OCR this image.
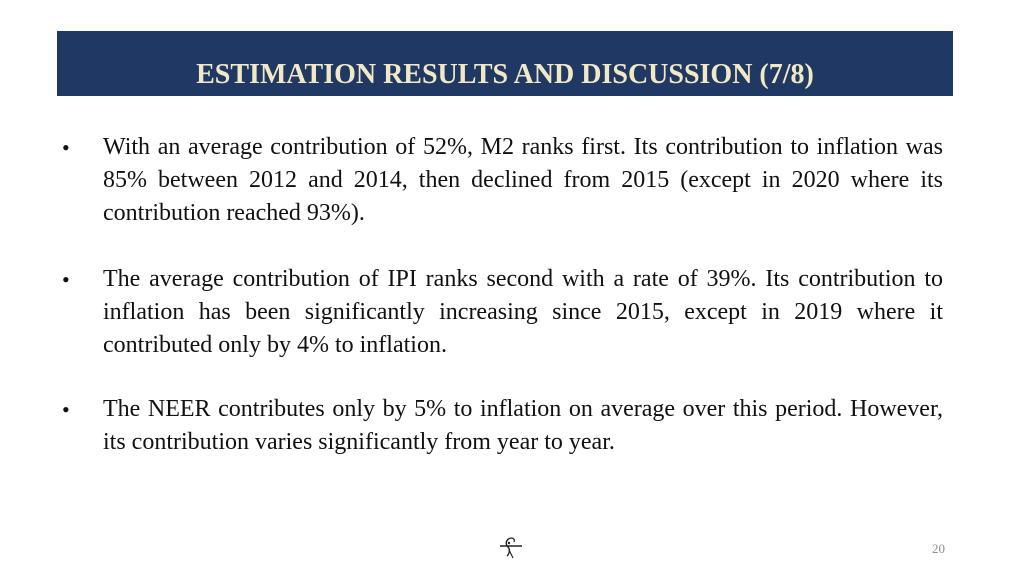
ESTIMATION RESULTS AND DISCUSSION (7/8)
• With an average contribution of 52%, M2 ranks first. Its contribution to inflation was 85% between 2012 and 2014, then declined from 2015 (except in 2020 where its contribution reached 93%).
• The average contribution of IPI ranks second with a rate of 39%. Its contribution to inflation has been significantly increasing since 2015, except in 2019 where it contributed only by 4% to inflation.
• The NEER contributes only by 5% to inflation on average over this period. However, its contribution varies significantly from year to year.
20
